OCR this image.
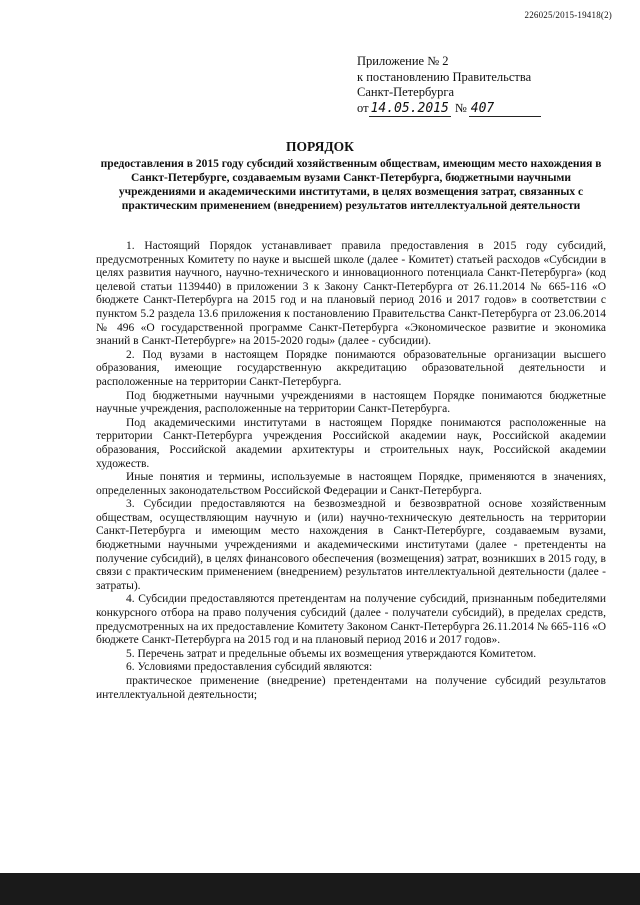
226025/2015-19418(2)
Приложение № 2
к постановлению Правительства
Санкт-Петербурга
от 14.05.2015 № 407
ПОРЯДОК
предоставления в 2015 году субсидий хозяйственным обществам, имеющим место нахождения в Санкт-Петербурге, создаваемым вузами Санкт-Петербурга, бюджетными научными учреждениями и академическими институтами, в целях возмещения затрат, связанных с практическим применением (внедрением) результатов интеллектуальной деятельности

1. Настоящий Порядок устанавливает правила предоставления в 2015 году субсидий, предусмотренных Комитету по науке и высшей школе (далее - Комитет) статьей расходов «Субсидии в целях развития научного, научно-технического и инновационного потенциала Санкт-Петербурга» (код целевой статьи 1139440) в приложении 3 к Закону Санкт-Петербурга от 26.11.2014 № 665-116 «О бюджете Санкт-Петербурга на 2015 год и на плановый период 2016 и 2017 годов» в соответствии с пунктом 5.2 раздела 13.6 приложения к постановлению Правительства Санкт-Петербурга от 23.06.2014 № 496 «О государственной программе Санкт-Петербурга «Экономическое развитие и экономика знаний в Санкт-Петербурге» на 2015-2020 годы» (далее - субсидии).

2. Под вузами в настоящем Порядке понимаются образовательные организации высшего образования, имеющие государственную аккредитацию образовательной деятельности и расположенные на территории Санкт-Петербурга.

Под бюджетными научными учреждениями в настоящем Порядке понимаются бюджетные научные учреждения, расположенные на территории Санкт-Петербурга.

Под академическими институтами в настоящем Порядке понимаются расположенные на территории Санкт-Петербурга учреждения Российской академии наук, Российской академии образования, Российской академии архитектуры и строительных наук, Российской академии художеств.

Иные понятия и термины, используемые в настоящем Порядке, применяются в значениях, определенных законодательством Российской Федерации и Санкт-Петербурга.

3. Субсидии предоставляются на безвозмездной и безвозвратной основе хозяйственным обществам, осуществляющим научную и (или) научно-техническую деятельность на территории Санкт-Петербурга и имеющим место нахождения в Санкт-Петербурге, создаваемым вузами, бюджетными научными учреждениями и академическими институтами (далее - претенденты на получение субсидий), в целях финансового обеспечения (возмещения) затрат, возникших в 2015 году, в связи с практическим применением (внедрением) результатов интеллектуальной деятельности (далее - затраты).

4. Субсидии предоставляются претендентам на получение субсидий, признанным победителями конкурсного отбора на право получения субсидий (далее - получатели субсидий), в пределах средств, предусмотренных на их предоставление Комитету Законом Санкт-Петербурга 26.11.2014 № 665-116 «О бюджете Санкт-Петербурга на 2015 год и на плановый период 2016 и 2017 годов».

5. Перечень затрат и предельные объемы их возмещения утверждаются Комитетом.

6. Условиями предоставления субсидий являются:

практическое применение (внедрение) претендентами на получение субсидий результатов интеллектуальной деятельности;
